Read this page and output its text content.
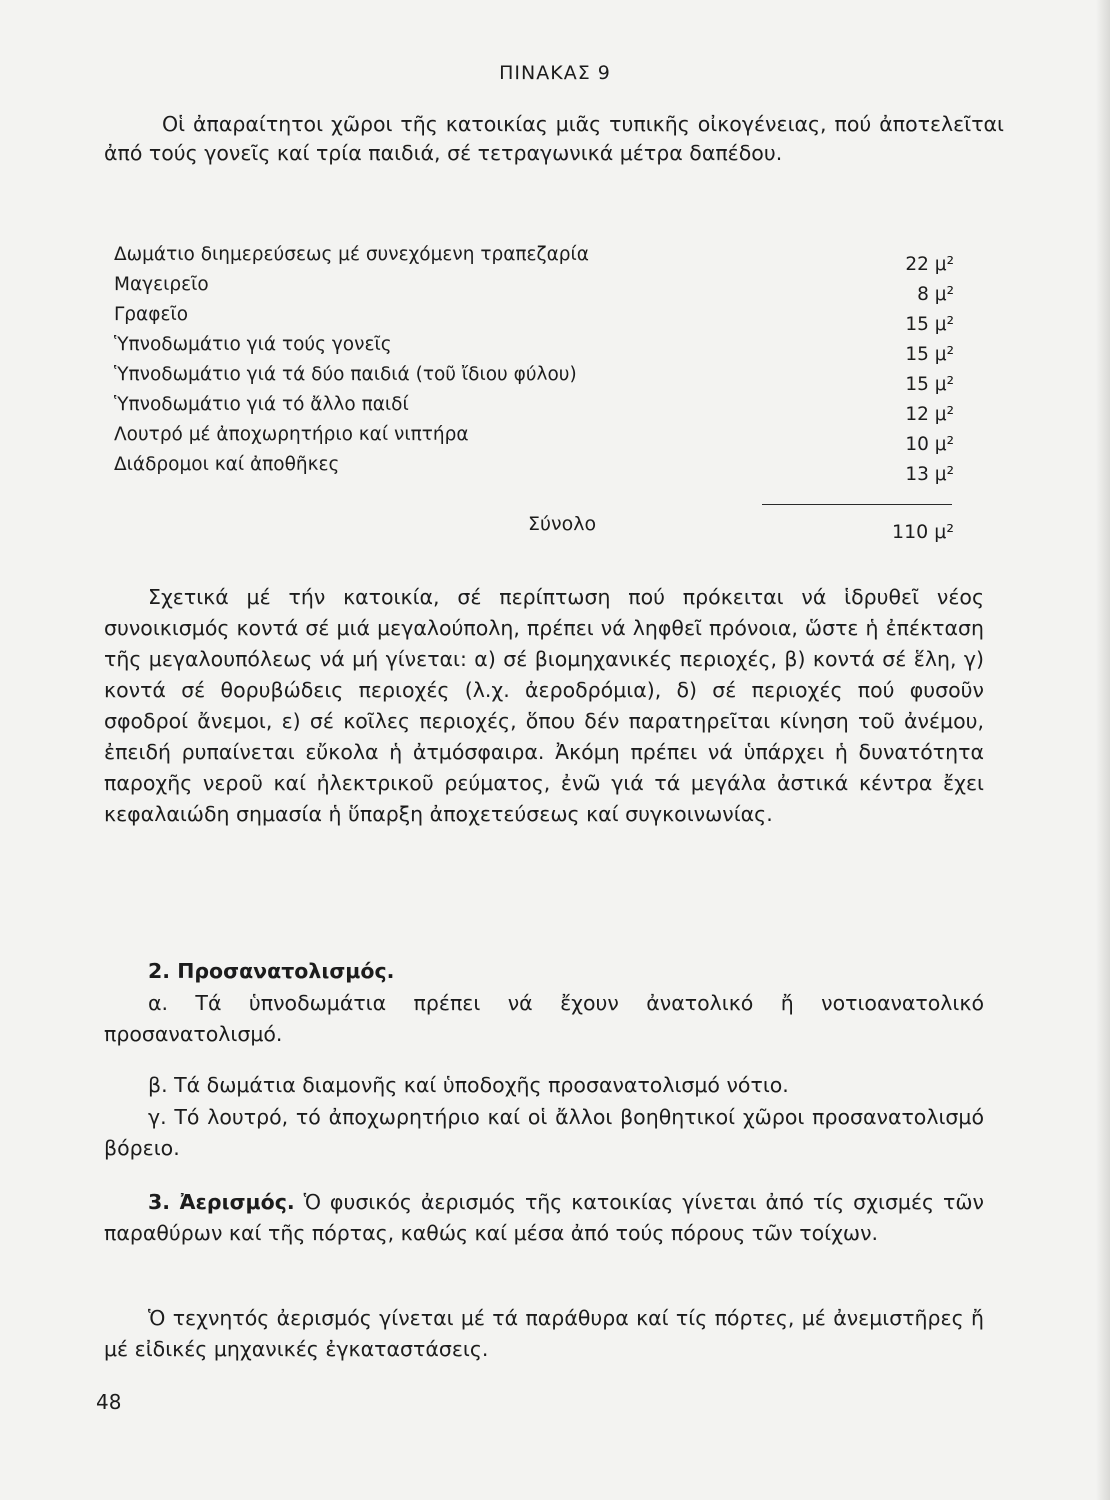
ΠΙΝΑΚΑΣ 9

Οἱ ἀπαραίτητοι χῶροι τῆς κατοικίας μιᾶς τυπικῆς οἰκογένειας, πού ἀποτελεῖται ἀπό τούς γονεῖς καί τρία παιδιά, σέ τετραγωνικά μέτρα δαπέδου.

Δωμάτιο διημερεύσεως μέ συνεχόμενη τραπεζαρία	22 μ²
Μαγειρεῖο	8 μ²
Γραφεῖο	15 μ²
Ὑπνοδωμάτιο γιά τούς γονεῖς	15 μ²
Ὑπνοδωμάτιο γιά τά δύο παιδιά (τοῦ ἴδιου φύλου)	15 μ²
Ὑπνοδωμάτιο γιά τό ἄλλο παιδί	12 μ²
Λουτρό μέ ἀποχωρητήριο καί νιπτήρα	10 μ²
Διάδρομοι καί ἀποθῆκες	13 μ²
Σύνολο	110 μ²

Σχετικά μέ τήν κατοικία, σέ περίπτωση πού πρόκειται νά ἱδρυθεῖ νέος συνοικισμός κοντά σέ μιά μεγαλούπολη, πρέπει νά ληφθεῖ πρόνοια, ὥστε ἡ ἐπέκταση τῆς μεγαλουπόλεως νά μή γίνεται: α) σέ βιομηχανικές περιοχές, β) κοντά σέ ἕλη, γ) κοντά σέ θορυβώδεις περιοχές (λ.χ. ἀεροδρόμια), δ) σέ περιοχές πού φυσοῦν σφοδροί ἄνεμοι, ε) σέ κοῖλες περιοχές, ὅπου δέν παρατηρεῖται κίνηση τοῦ ἀνέμου, ἐπειδή ρυπαίνεται εὔκολα ἡ ἀτμόσφαιρα. Ἀκόμη πρέπει νά ὑπάρχει ἡ δυνατότητα παροχῆς νεροῦ καί ἠλεκτρικοῦ ρεύματος, ἐνῶ γιά τά μεγάλα ἀστικά κέντρα ἔχει κεφαλαιώδη σημασία ἡ ὕπαρξη ἀποχετεύσεως καί συγκοινωνίας.

2. Προσανατολισμός.

α. Τά ὑπνοδωμάτια πρέπει νά ἔχουν ἀνατολικό ἤ νοτιοανατολικό προσανατολισμό.

β. Τά δωμάτια διαμονῆς καί ὑποδοχῆς προσανατολισμό νότιο.

γ. Τό λουτρό, τό ἀποχωρητήριο καί οἱ ἄλλοι βοηθητικοί χῶροι προσανατολισμό βόρειο.

3. Ἀερισμός. Ὁ φυσικός ἀερισμός τῆς κατοικίας γίνεται ἀπό τίς σχισμές τῶν παραθύρων καί τῆς πόρτας, καθώς καί μέσα ἀπό τούς πόρους τῶν τοίχων.

Ὁ τεχνητός ἀερισμός γίνεται μέ τά παράθυρα καί τίς πόρτες, μέ ἀνεμιστῆρες ἤ μέ εἰδικές μηχανικές ἐγκαταστάσεις.

48
